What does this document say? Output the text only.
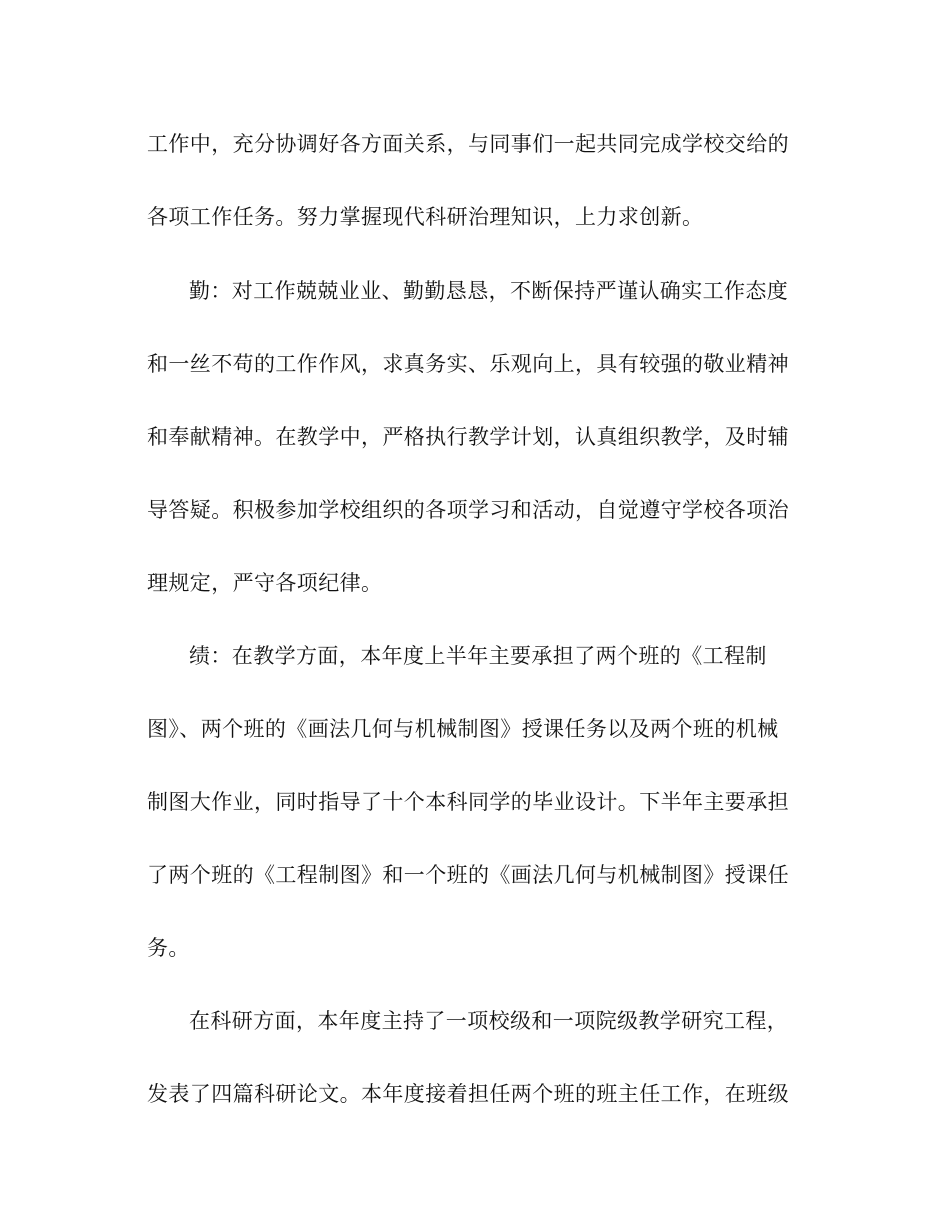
工作中，充分协调好各方面关系，与同事们一起共同完成学校交给的
各项工作任务。努力掌握现代科研治理知识，上力求创新。
勤：对工作兢兢业业、勤勤恳恳，不断保持严谨认确实工作态度
和一丝不苟的工作作风，求真务实、乐观向上，具有较强的敬业精神
和奉献精神。在教学中，严格执行教学计划，认真组织教学，及时辅
导答疑。积极参加学校组织的各项学习和活动，自觉遵守学校各项治
理规定，严守各项纪律。
绩：在教学方面，本年度上半年主要承担了两个班的《工程制
图》、两个班的《画法几何与机械制图》授课任务以及两个班的机械
制图大作业，同时指导了十个本科同学的毕业设计。下半年主要承担
了两个班的《工程制图》和一个班的《画法几何与机械制图》授课任
务。
在科研方面，本年度主持了一项校级和一项院级教学研究工程，
发表了四篇科研论文。本年度接着担任两个班的班主任工作，在班级
